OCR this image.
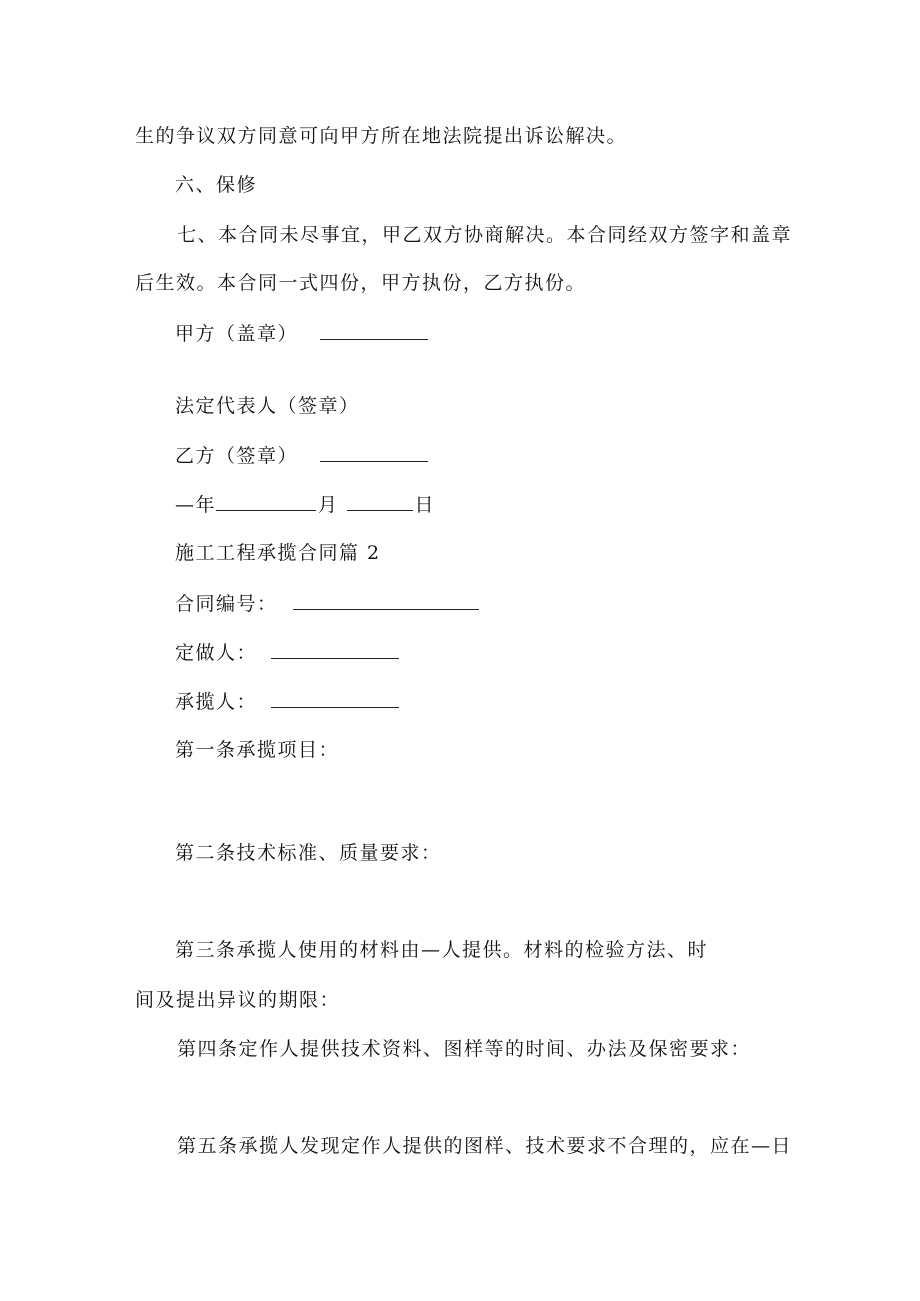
生的争议双方同意可向甲方所在地法院提出诉讼解决。
六、保修
七、本合同未尽事宜，甲乙双方协商解决。本合同经双方签字和盖章
后生效。本合同一式四份，甲方执份，乙方执份。
甲方（盖章）
法定代表人（签章）
乙方（签章）
—年	月	日
施工工程承揽合同篇 2
合同编号：
定做人：
承揽人：
第一条承揽项目：
第二条技术标准、质量要求：
第三条承揽人使用的材料由—人提供。材料的检验方法、时
间及提出异议的期限：
第四条定作人提供技术资料、图样等的时间、办法及保密要求：
第五条承揽人发现定作人提供的图样、技术要求不合理的，应在—日
